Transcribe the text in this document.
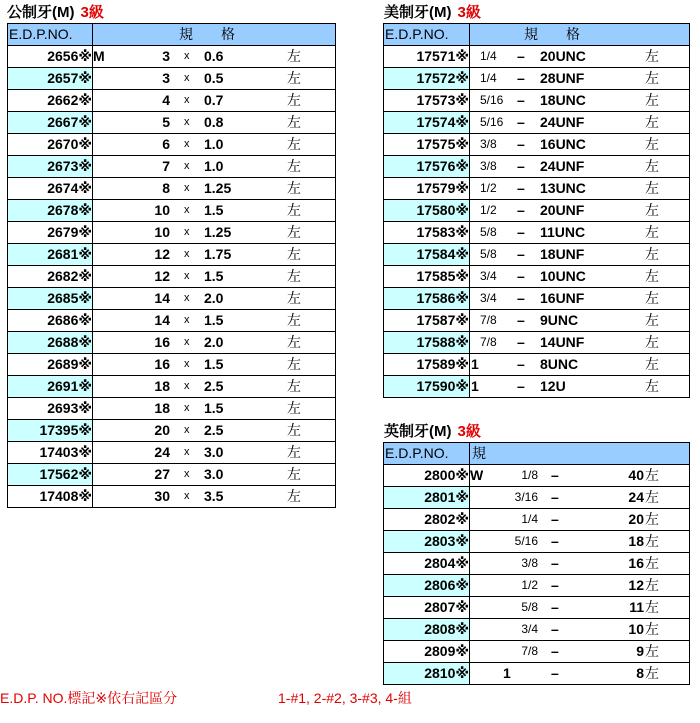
公制牙(M) 3級
E.D.P.NO.	規　　格
2656※	M 3 x 0.6 左

2657※	3 x 0.5 左

2662※	4 x 0.7 左

2667※	5 x 0.8 左

2670※	6 x 1.0 左

2673※	7 x 1.0 左

2674※	8 x 1.25 左

2678※	10 x 1.5 左

2679※	10 x 1.25 左

2681※	12 x 1.75 左

2682※	12 x 1.5 左

2685※	14 x 2.0 左

2686※	14 x 1.5 左

2688※	16 x 2.0 左

2689※	16 x 1.5 左

2691※	18 x 2.5 左

2693※	18 x 1.5 左

17395※	20 x 2.5 左

17403※	24 x 3.0 左

17562※	27 x 3.0 左

17408※	30 x 3.5 左
美制牙(M) 3級
E.D.P.NO.	規　　格
17571※	1/4 – 20UNC 左

17572※	1/4 – 28UNF 左

17573※	5/16 – 18UNC 左

17574※	5/16 – 24UNF 左

17575※	3/8 – 16UNC 左

17576※	3/8 – 24UNF 左

17579※	1/2 – 13UNC 左

17580※	1/2 – 20UNF 左

17583※	5/8 – 11UNC 左

17584※	5/8 – 18UNF 左

17585※	3/4 – 10UNC 左

17586※	3/4 – 16UNF 左

17587※	7/8 – 9UNC 左

17588※	7/8 – 14UNF 左

17589※	1 – 8UNC 左

17590※	1 – 12U 左
英制牙(M) 3級
E.D.P.NO.	規
2800※	W 1/8 – 40 左

2801※	3/16 – 24 左

2802※	1/4 – 20 左

2803※	5/16 – 18 左

2804※	3/8 – 16 左

2806※	1/2 – 12 左

2807※	5/8 – 11 左

2808※	3/4 – 10 左

2809※	7/8 – 9 左

2810※	1 – 8 左
E.D.P. NO.標記※依右記區分	1-#1, 2-#2, 3-#3, 4-組
